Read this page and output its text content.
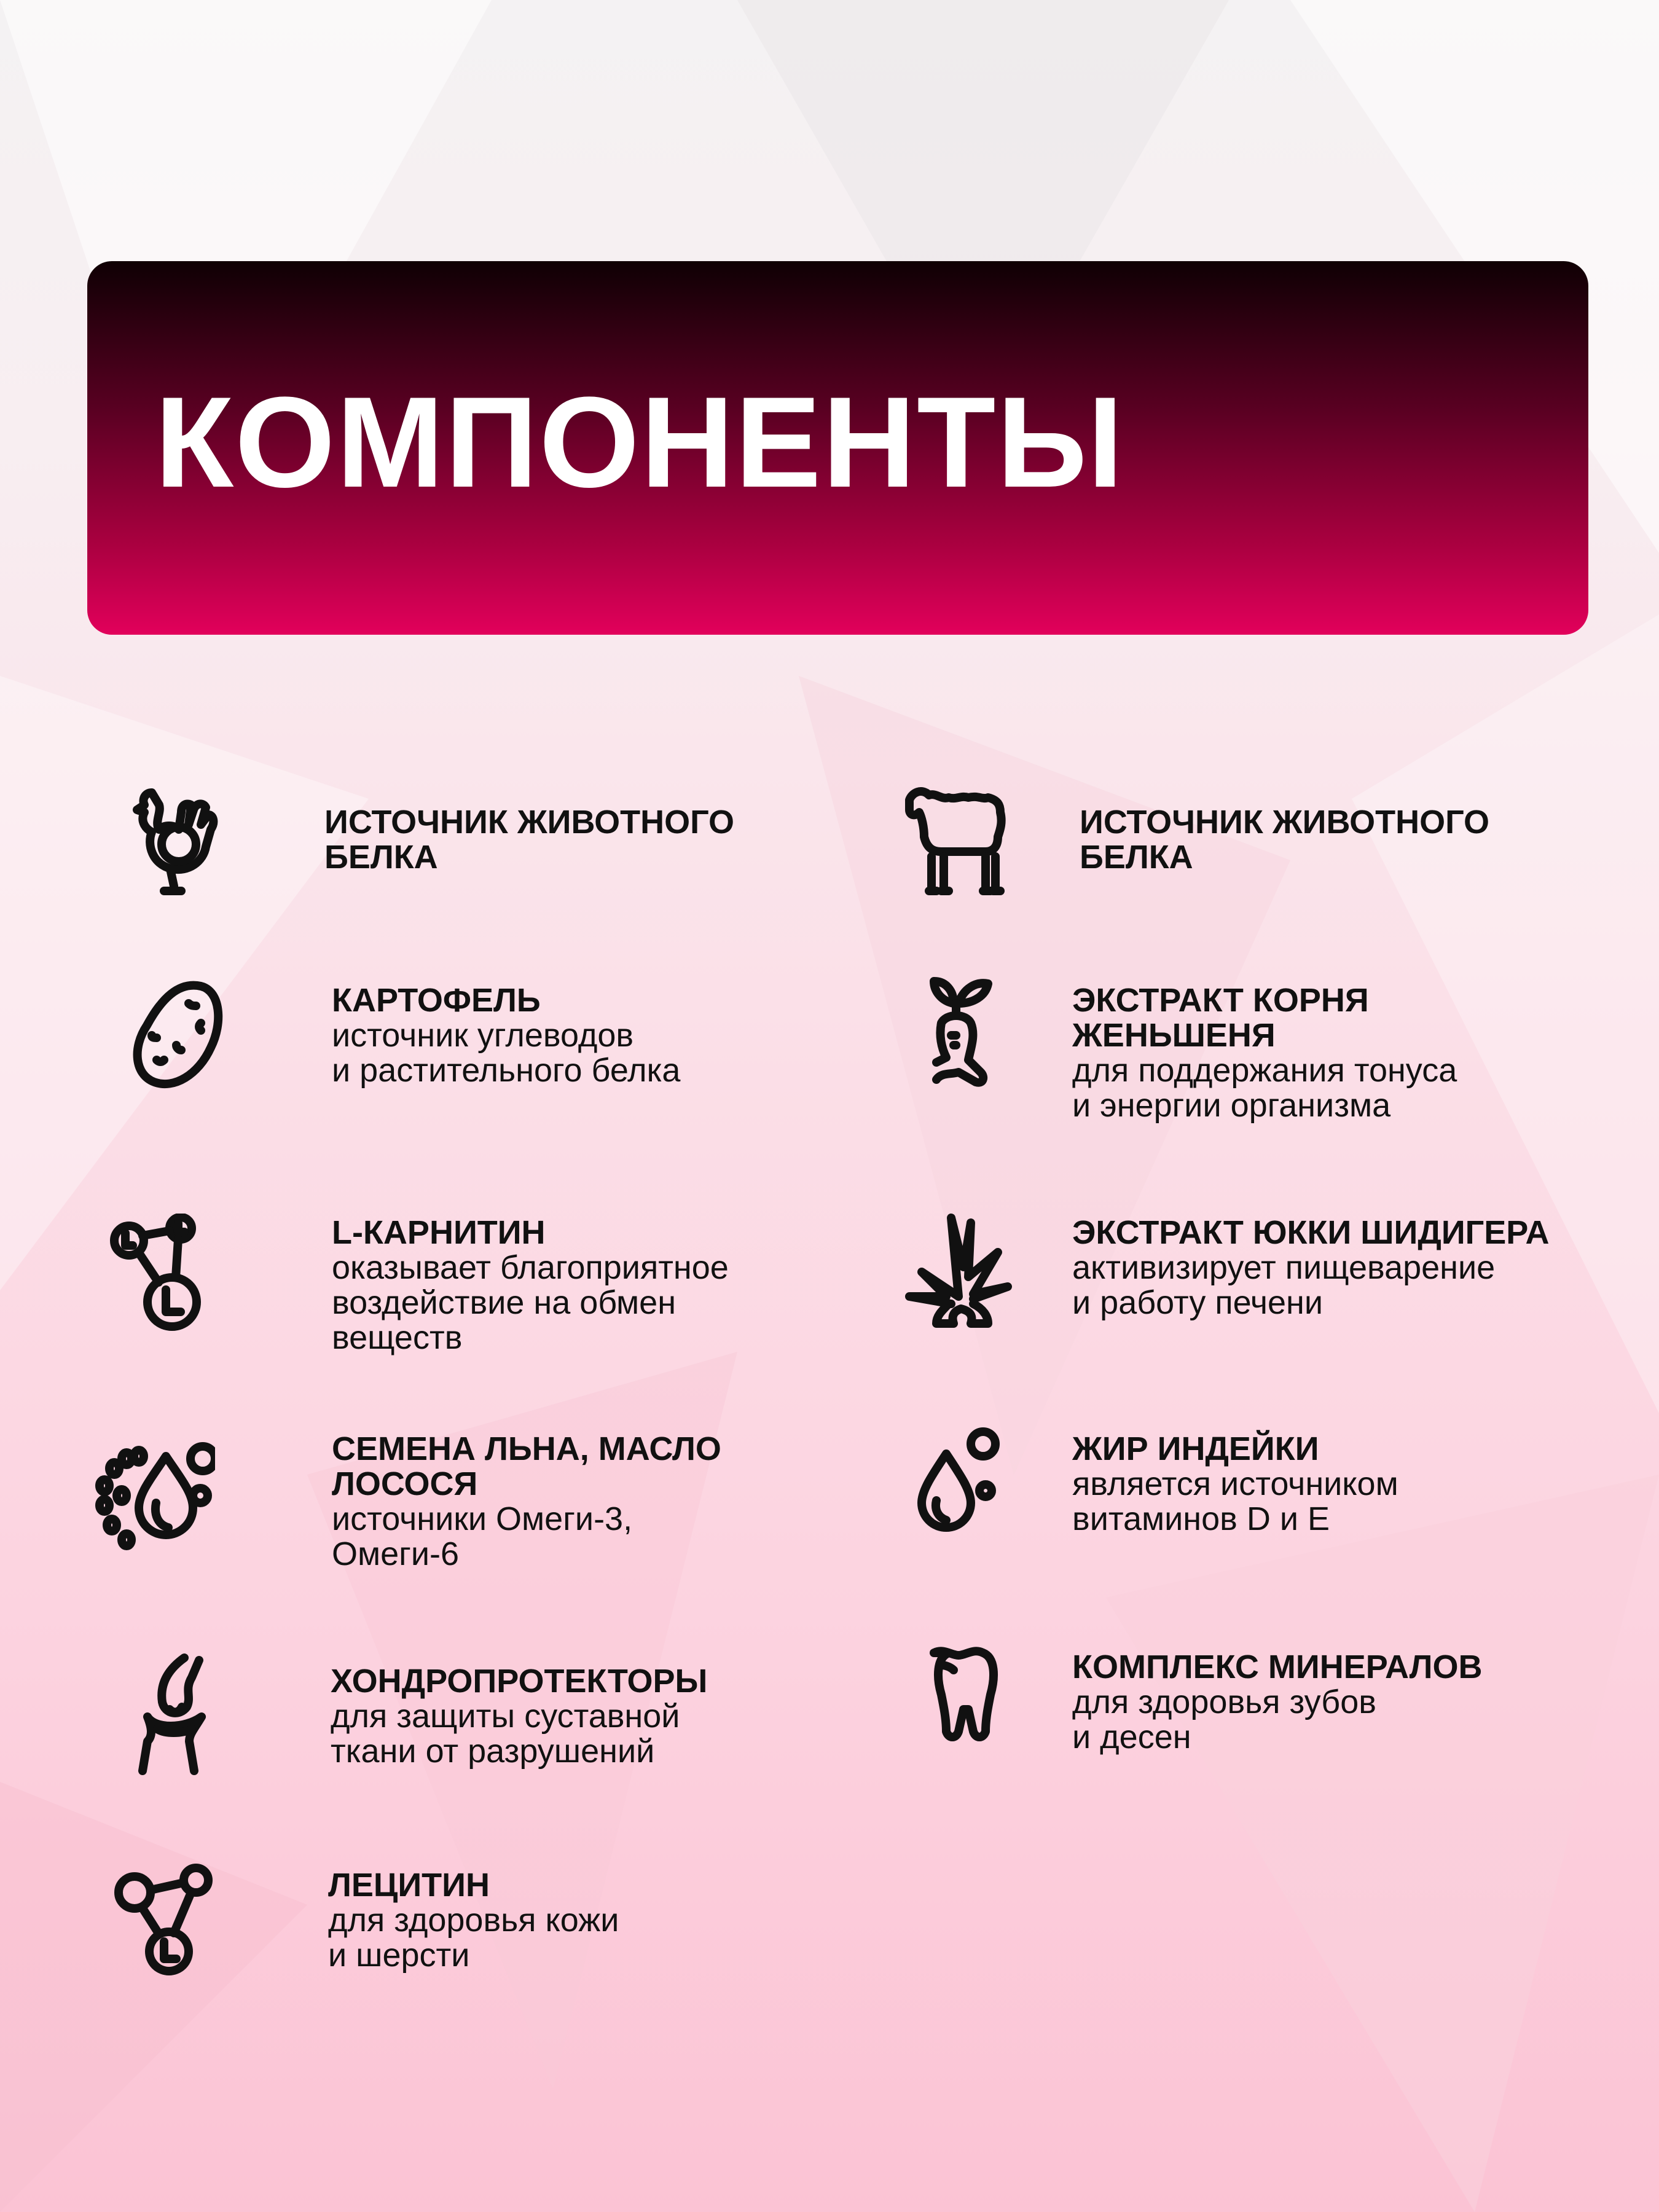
КОМПОНЕНТЫ
ИСТОЧНИК ЖИВОТНОГО
БЕЛКА
КАРТОФЕЛЬ
источник углеводов
и растительного белка
L-КАРНИТИН
оказывает благоприятное
воздействие на обмен
веществ
СЕМЕНА ЛЬНА, МАСЛО
ЛОСОСЯ
источники Омеги-3,
Омеги-6
ХОНДРОПРОТЕКТОРЫ
для защиты суставной
ткани от разрушений
ЛЕЦИТИН
для здоровья кожи
и шерсти
ИСТОЧНИК ЖИВОТНОГО
БЕЛКА
ЭКСТРАКТ КОРНЯ
ЖЕНЬШЕНЯ
для поддержания тонуса
и энергии организма
ЭКСТРАКТ ЮККИ ШИДИГЕРА
активизирует пищеварение
и работу печени
ЖИР ИНДЕЙКИ
является источником
витаминов D и E
КОМПЛЕКС МИНЕРАЛОВ
для здоровья зубов
и десен
